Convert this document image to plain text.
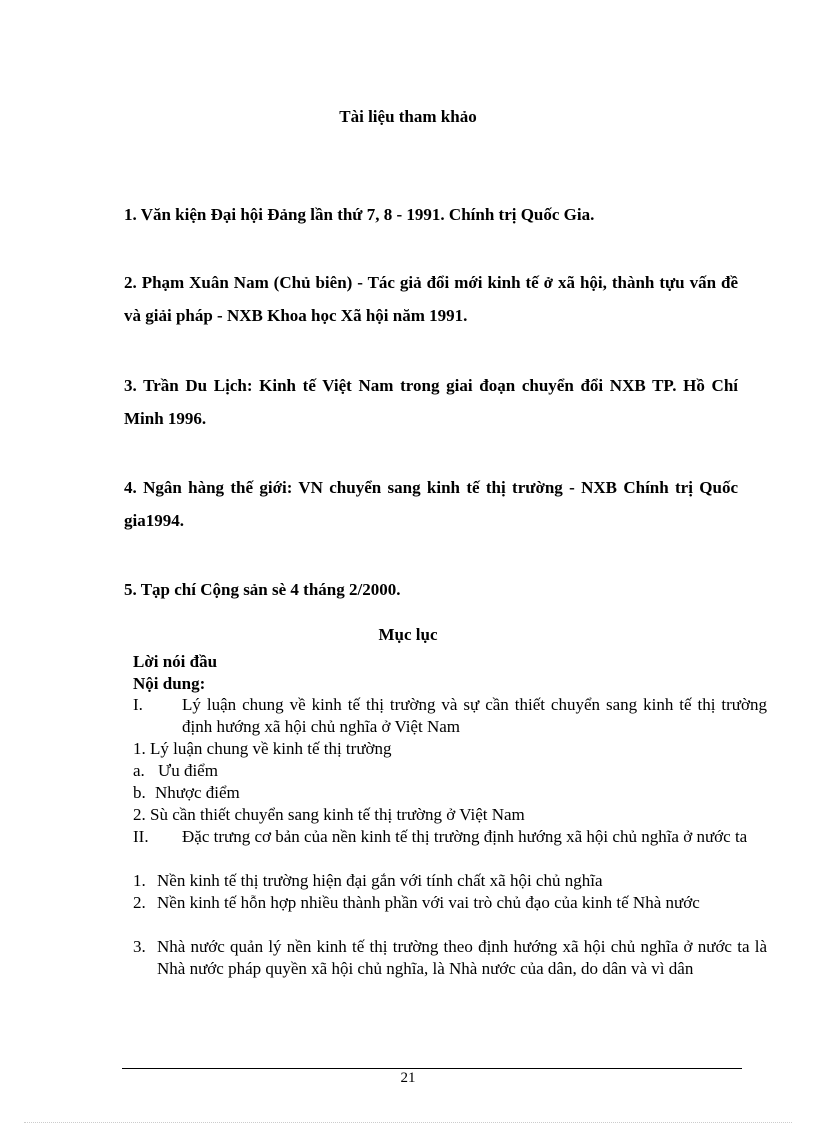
Tài liệu tham khảo
1. Văn kiện Đại hội Đảng lần thứ 7, 8 - 1991. Chính trị Quốc Gia.
2. Phạm Xuân Nam (Chủ biên) - Tác giả đổi mới kinh tế ở xã hội, thành tựu vấn đề và giải pháp - NXB Khoa học Xã hội năm 1991.
3. Trần Du Lịch: Kinh tế Việt Nam trong giai đoạn chuyển đổi NXB TP. Hồ Chí Minh 1996.
4. Ngân hàng thế giới: VN chuyển sang kinh tế thị trường - NXB Chính trị Quốc gia1994.
5. Tạp chí Cộng sản sè 4 tháng 2/2000.
Mục lục
Lời nói đầu
Nội dung:
I. Lý luận chung về kinh tế thị trường và sự cần thiết chuyển sang kinh tế thị trường định hướng xã hội chủ nghĩa ở Việt Nam
1. Lý luận chung về kinh tế thị trường
a. Ưu điểm
b. Nhược điểm
2. Sù cần thiết chuyển sang kinh tế thị trường ở Việt Nam
II. Đặc trưng cơ bản của nền kinh tế thị trường định hướng xã hội chủ nghĩa ở nước ta
1. Nền kinh tế thị trường hiện đại gắn với tính chất xã hội chủ nghĩa
2. Nền kinh tế hỗn hợp nhiều thành phần với vai trò chủ đạo của kinh tế Nhà nước
3. Nhà nước quản lý nền kinh tế thị trường theo định hướng xã hội chủ nghĩa ở nước ta là Nhà nước pháp quyền xã hội chủ nghĩa, là Nhà nước của dân, do dân và vì dân
21
